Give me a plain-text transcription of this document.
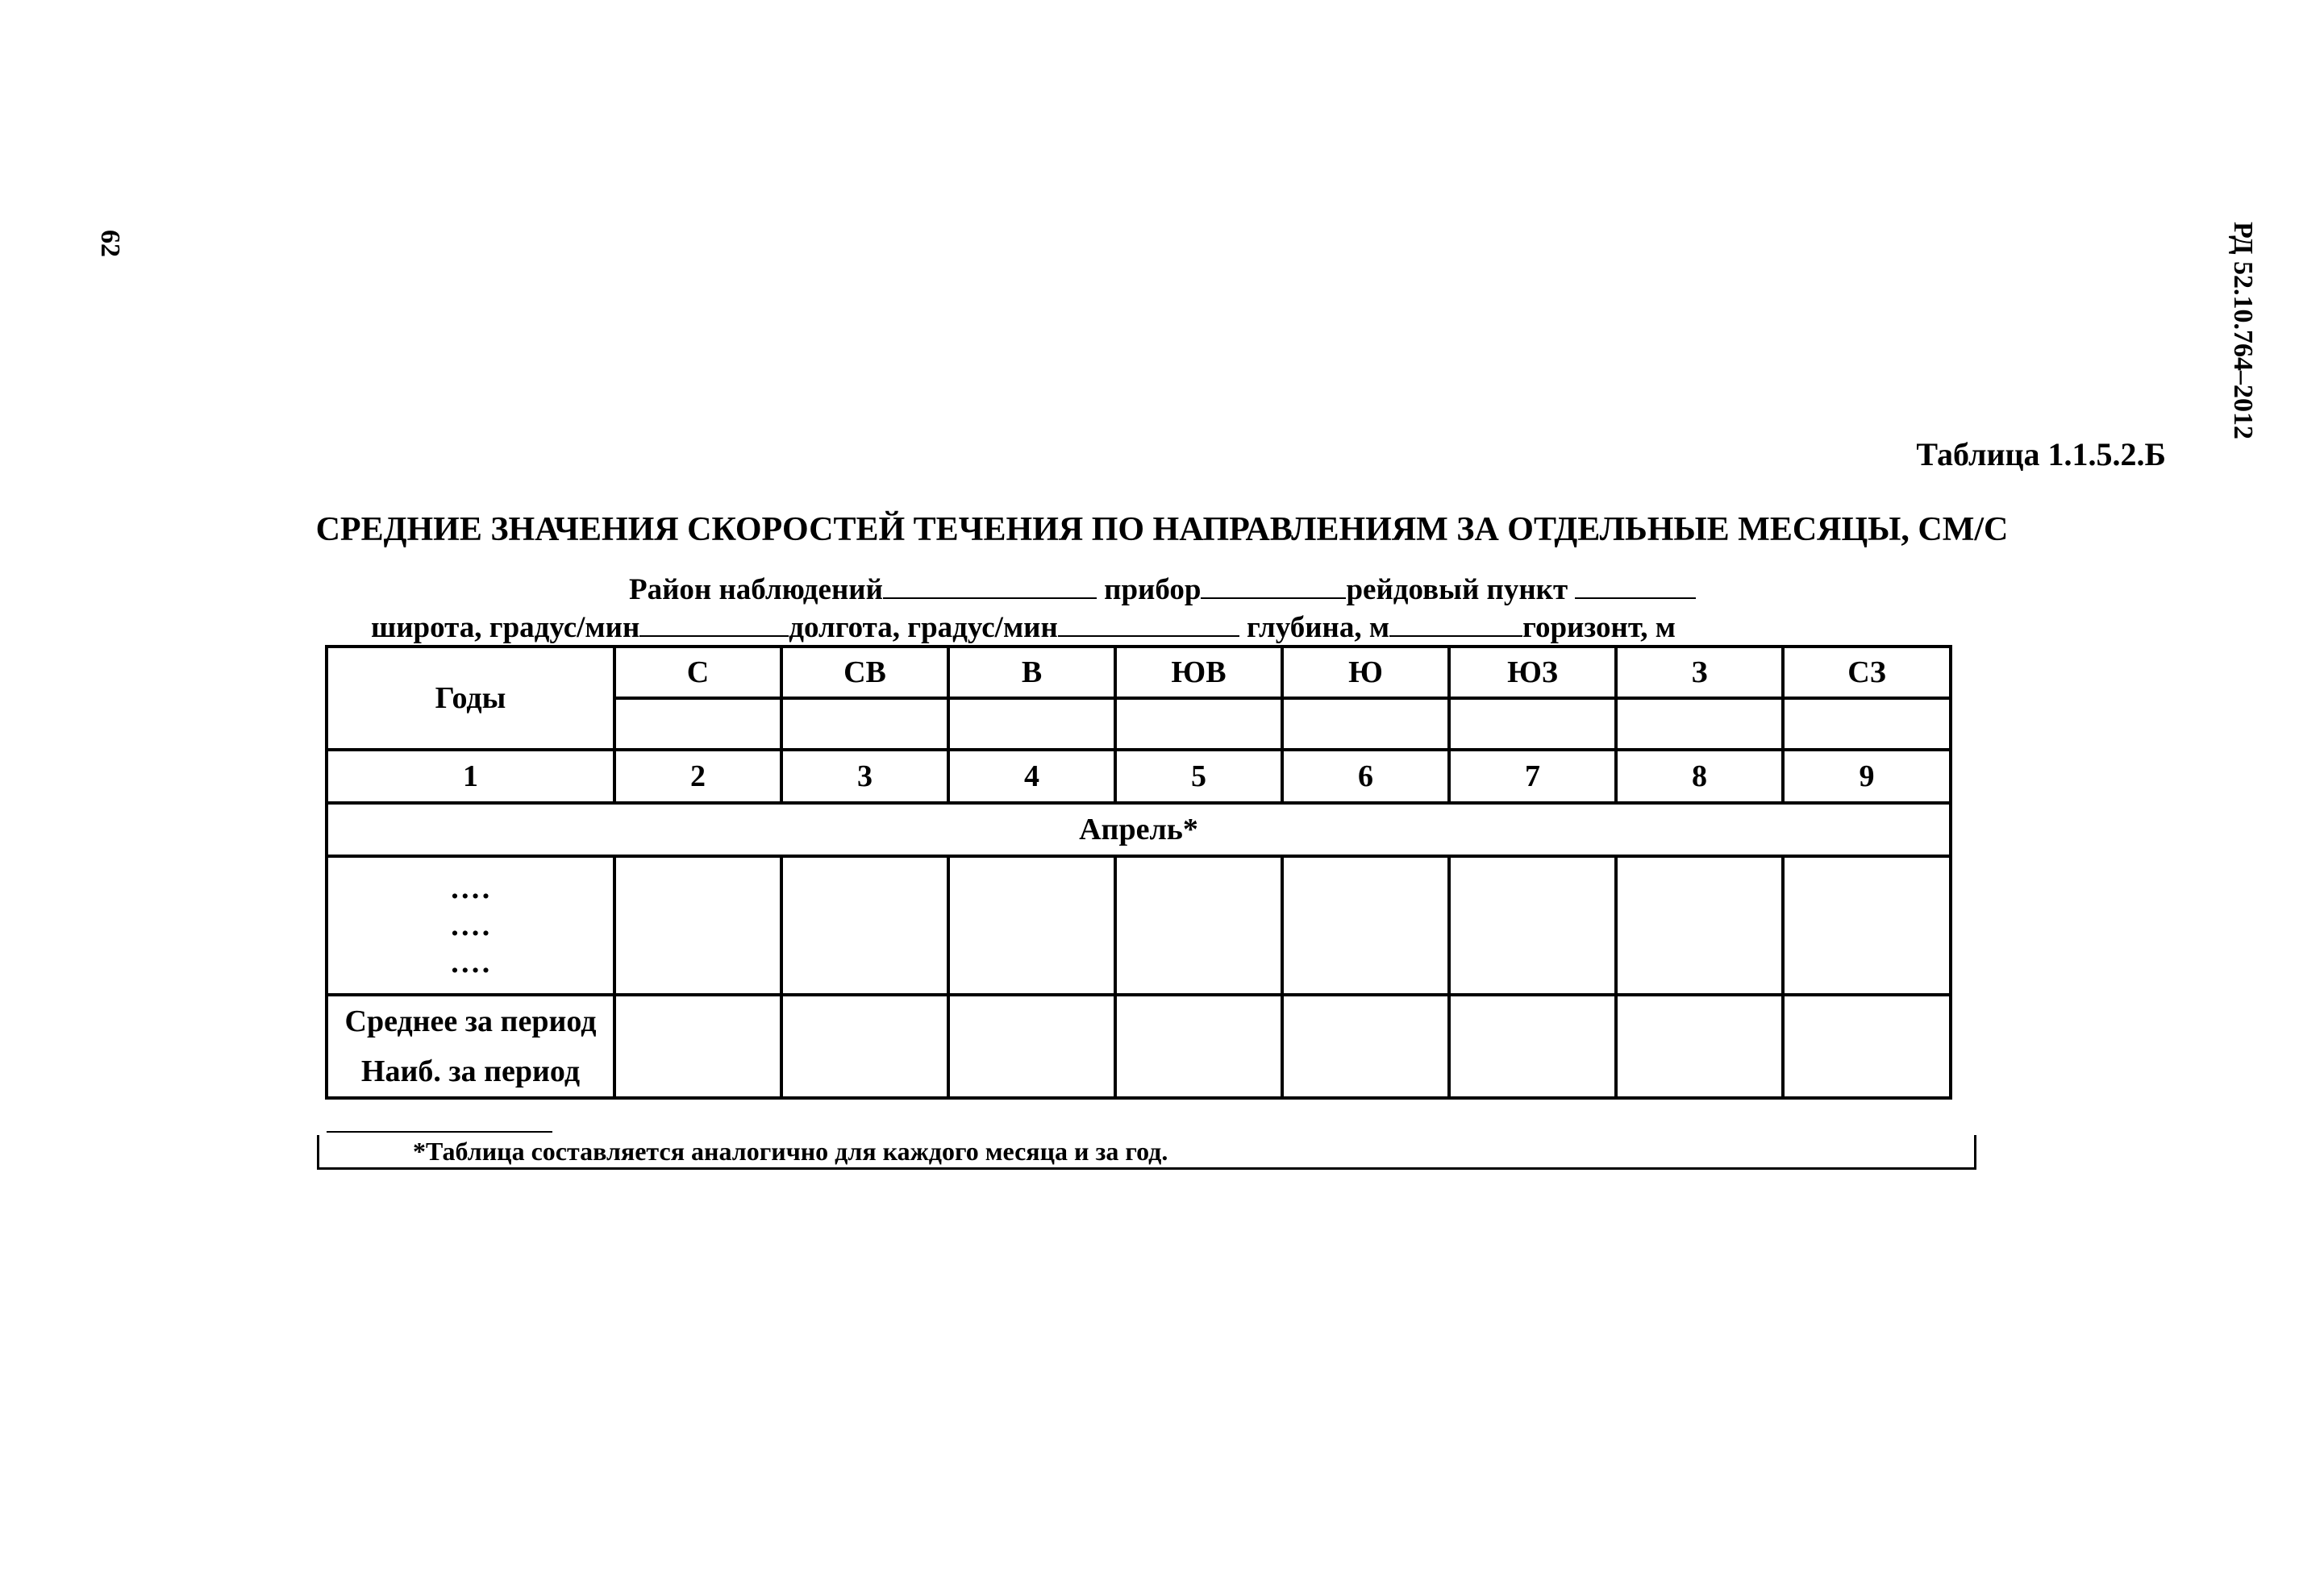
62	РД 52.10.764–2012
Таблица 1.1.5.2.Б
СРЕДНИЕ ЗНАЧЕНИЯ СКОРОСТЕЙ ТЕЧЕНИЯ ПО НАПРАВЛЕНИЯМ ЗА ОТДЕЛЬНЫЕ МЕСЯЦЫ, СМ/С
Район наблюдений	прибор	рейдовый пункт
широта, градус/мин	долгота, градус/мин	глубина, м	горизонт, м
Годы	С	СВ	В	ЮВ	Ю	ЮЗ	З	СЗ

1	2	3	4	5	6	7	8	9
Апрель*								

….
….
….								

Среднее за период
Наиб. за период								

*Таблица составляется аналогично для каждого месяца и за год.
